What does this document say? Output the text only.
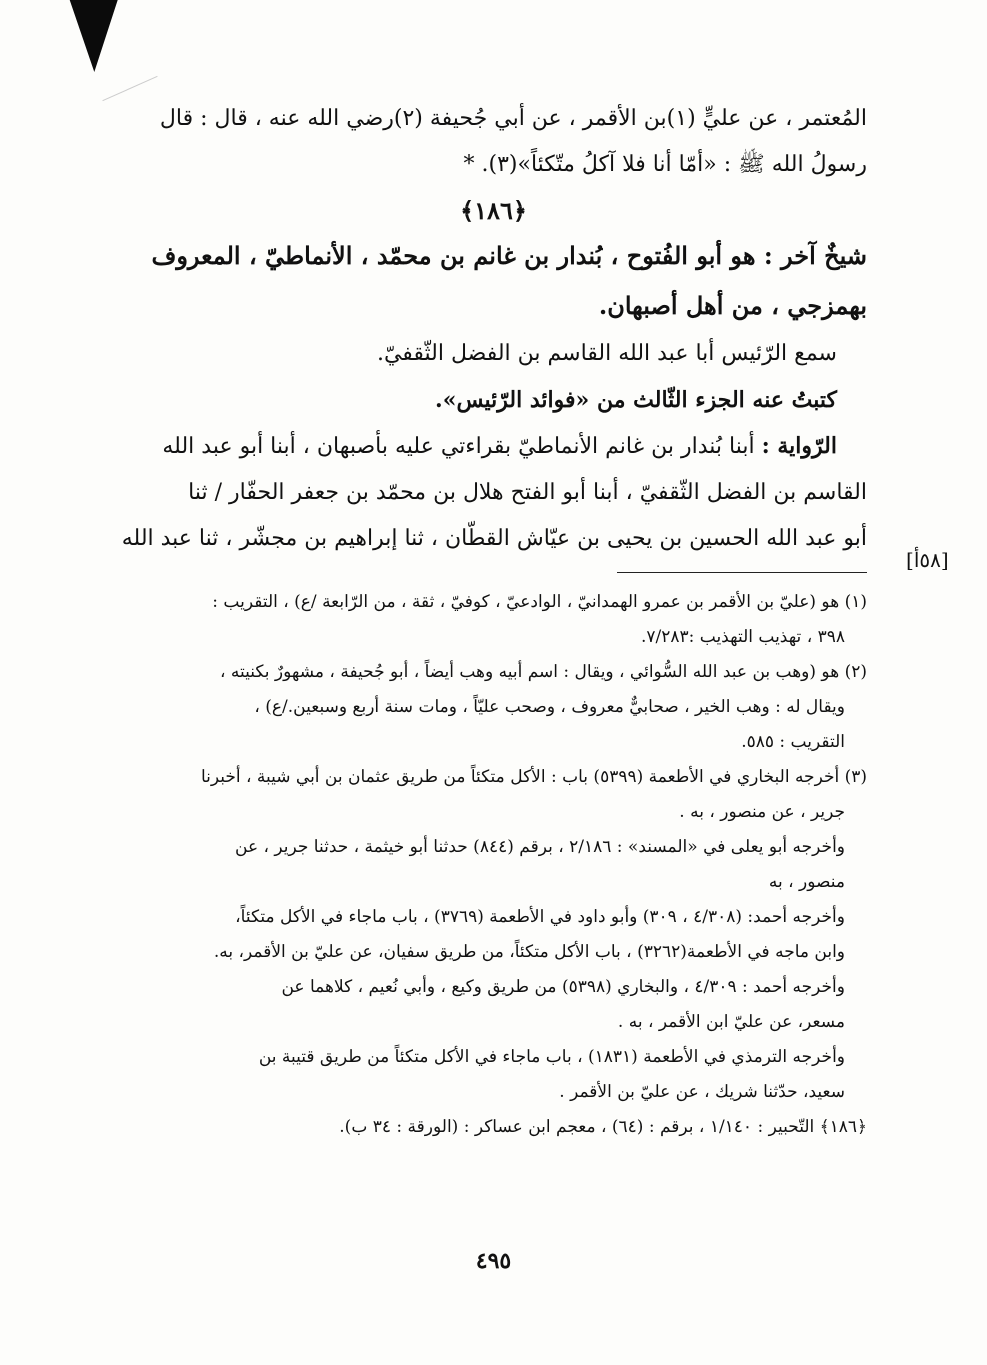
[٥٨أ]
المُعتمر ، عن عليٍّ (١)بن الأقمر ، عن أبي جُحيفة (٢)رضي الله عنه ، قال : قال
رسولُ الله ﷺ : «أمّا أنا فلا آكلُ متّكئاً»(٣). *
﴿١٨٦﴾
شيخٌ آخر : هو أبو الفُتوح ، بُندار بن غانم بن محمّد ، الأنماطيّ ، المعروف
بهمزجي ، من أهل أصبهان.
سمع الرّئيس أبا عبد الله القاسم بن الفضل الثّقفيّ.
كتبتُ عنه الجزء الثّالث من «فوائد الرّئيس».
الرّواية : أبنا بُندار بن غانم الأنماطيّ بقراءتي عليه بأصبهان ، أبنا أبو عبد الله
القاسم بن الفضل الثّقفيّ ، أبنا أبو الفتح هلال بن محمّد بن جعفر الحفّار / ثنا
أبو عبد الله الحسين بن يحيى بن عيّاش القطّان ، ثنا إبراهيم بن مجشّر ، ثنا عبد الله
(١) هو (عليّ بن الأقمر بن عمرو الهمدانيّ ، الوادعيّ ، كوفيّ ، ثقة ، من الرّابعة /ع) ، التقريب :
٣٩٨ ، تهذيب التهذيب :٧/٢٨٣.
(٢) هو (وهب بن عبد الله السُّوائي ، ويقال : اسم أبيه وهب أيضاً ، أبو جُحيفة ، مشهورٌ بكنيته ،
ويقال له : وهب الخير ، صحابيٌّ معروف ، وصحب عليّاً ، ومات سنة أربع وسبعين./ع) ،
التقريب : ٥٨٥.
(٣) أخرجه البخاري في الأطعمة (٥٣٩٩) باب : الأكل متكئاً من طريق عثمان بن أبي شيبة ، أخبرنا
جرير ، عن منصور ، به .
وأخرجه أبو يعلى في «المسند» : ٢/١٨٦ ، برقم (٨٤٤) حدثنا أبو خيثمة ، حدثنا جرير ، عن
منصور ، به
وأخرجه أحمد: (٤/٣٠٨ ، ٣٠٩) وأبو داود في الأطعمة (٣٧٦٩) ، باب ماجاء في الأكل متكئاً،
وابن ماجه في الأطعمة(٣٢٦٢) ، باب الأكل متكئاً، من طريق سفيان، عن عليّ بن الأقمر، به.
وأخرجه أحمد : ٤/٣٠٩ ، والبخاري (٥٣٩٨) من طريق وكيع ، وأبي نُعيم ، كلاهما عن
مسعر، عن عليّ ابن الأقمر ، به .
وأخرجه الترمذي في الأطعمة (١٨٣١) ، باب ماجاء في الأكل متكئاً من طريق قتيبة بن
سعيد، حدّثنا شريك ، عن عليّ بن الأقمر .
﴿١٨٦﴾ التّحبير : ١/١٤٠ ، برقم : (٦٤) ، معجم ابن عساكر : (الورقة : ٣٤ ب).
٤٩٥
